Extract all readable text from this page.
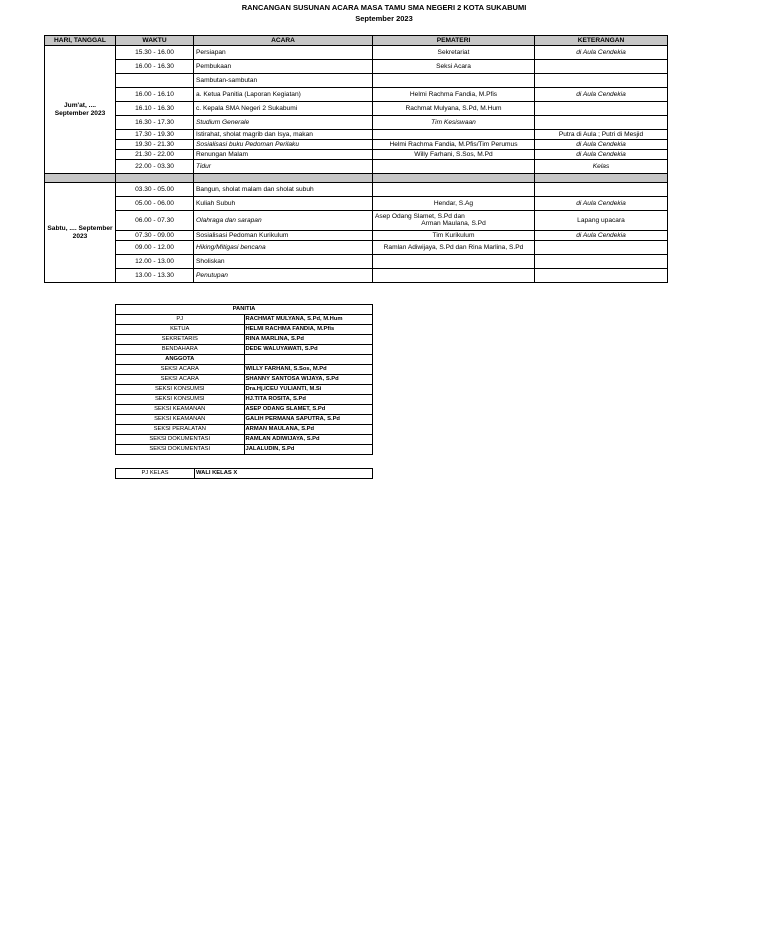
RANCANGAN SUSUNAN ACARA MASA TAMU SMA NEGERI 2 KOTA SUKABUMI
September 2023
HARI, TANGGAL	WAKTU	ACARA	PEMATERI	KETERANGAN
Jum'at, .... September 2023	15.30 - 16.00	Persiapan	Sekretariat	di Aula Cendekia
	16.00 - 16.30	Pembukaan	Seksi Acara	
		Sambutan-sambutan		
	16.00 - 16.10	a. Ketua Panitia (Laporan Kegiatan)	Helmi Rachma Fandia, M.Pfis	di Aula Cendekia
	16.10 - 16.30	c. Kepala SMA Negeri 2 Sukabumi	Rachmat Mulyana, S.Pd, M.Hum	
	16.30 - 17.30	Studium Generale	Tim Kesiswaan	
	17.30 - 19.30	Istirahat, sholat magrib dan Isya, makan		Putra di Aula ; Putri di Mesjid
	19.30 - 21.30	Sosialisasi buku Pedoman Perilaku	Helmi Rachma Fandia, M.Pfis/Tim Perumus	di Aula Cendekia
	21.30 - 22.00	Renungan Malam	Willy Farhani, S.Sos, M.Pd	di Aula Cendekia
	22.00 - 03.30	Tidur		Kelas

Sabtu, .... September 2023	03.30 - 05.00	Bangun, sholat malam dan sholat subuh		
	05.00 - 06.00	Kuliah Subuh	Hendar, S.Ag	di Aula Cendekia
	06.00 - 07.30	Olahraga dan sarapan	Asep Odang Slamet, S.Pd dan
Arman Maulana, S.Pd	Lapang upacara
	07.30 - 09.00	Sosialisasi Pedoman Kurikulum	Tim Kurikulum	di Aula Cendekia
	09.00 - 12.00	Hiking/Mitigasi bencana	Ramlan Adiwijaya, S.Pd dan Rina Marlina, S.Pd	
	12.00 - 13.00	Sholiskan		
	13.00 - 13.30	Penutupan		
PANITIA	
PJ	RACHMAT MULYANA, S.Pd, M.Hum
KETUA	HELMI RACHMA FANDIA, M.Pfis
SEKRETARIS	RINA MARLINA, S.Pd
BENDAHARA	DEDE WALUYAWATI, S.Pd
ANGGOTA	
SEKSI ACARA	WILLY FARHANI, S.Sos, M.Pd
SEKSI ACARA	SHANNY SANTOSA WIJAYA, S.Pd
SEKSI KONSUMSI	Dra.Hj.ICEU YULIANTI, M.Si
SEKSI KONSUMSI	HJ.TITA ROSITA, S.Pd
SEKSI KEAMANAN	ASEP ODANG SLAMET, S.Pd
SEKSI KEAMANAN	GALIH PERMANA SAPUTRA, S.Pd
SEKSI PERALATAN	ARMAN MAULANA, S.Pd
SEKSI DOKUMENTASI	RAMLAN ADIWIJAYA, S.Pd
SEKSI DOKUMENTASI	JALALUDIN, S.Pd
PJ KELAS	WALI KELAS X
